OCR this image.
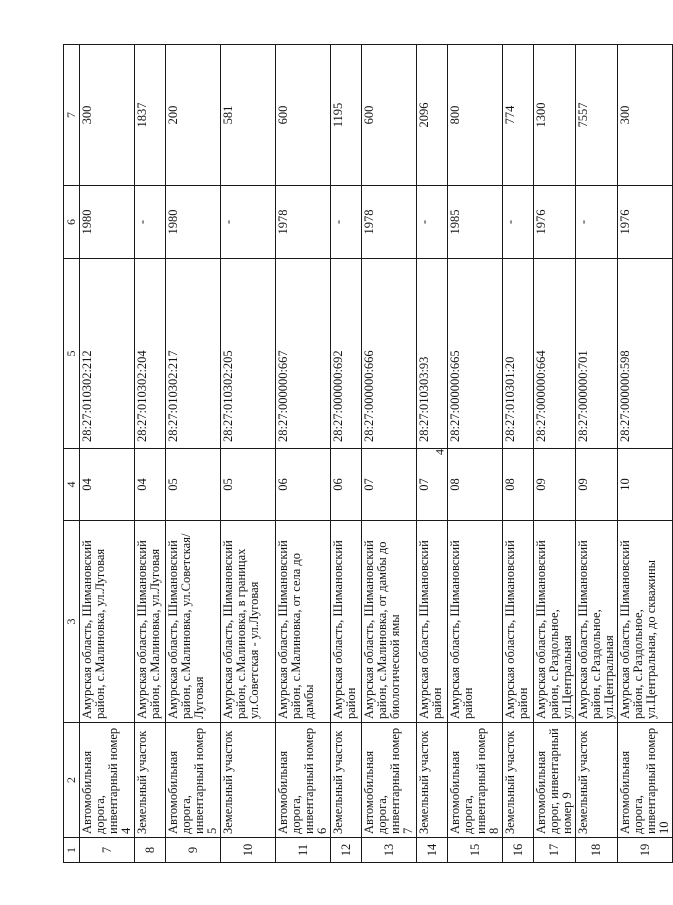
4
1	2	3	4	5	6	7
7	Автомобильная дорога, инвентарный номер 4	Амурская область, Шимановский район, с.Малиновка, ул.Луговая	04	28:27:010302:212	1980	300
8	Земельный участок	Амурская область, Шимановский район, с.Малиновка, ул.Луговая	04	28:27:010302:204	-	1837
9	Автомобильная дорога, инвентарный номер 5	Амурская область, Шимановский район, с.Малиновка, ул.Советская/Луговая	05	28:27:010302:217	1980	200
10	Земельный участок	Амурская область, Шимановский район, с.Малиновка, в границах ул.Советская - ул.Луговая	05	28:27:010302:205	-	581
11	Автомобильная дорога, инвентарный номер 6	Амурская область, Шимановский район, с.Малиновка, от села до дамбы	06	28:27:000000:667	1978	600
12	Земельный участок	Амурская область, Шимановский район	06	28:27:000000:692	-	1195
13	Автомобильная дорога, инвентарный номер 7	Амурская область, Шимановский район, с.Малиновка, от дамбы до биологической ямы	07	28:27:000000:666	1978	600
14	Земельный участок	Амурская область, Шимановский район	07	28:27:010303:93	-	2096
15	Автомобильная дорога, инвентарный номер 8	Амурская область, Шимановский район	08	28:27:000000:665	1985	800
16	Земельный участок	Амурская область, Шимановский район	08	28:27:010301:20	-	774
17	Автомобильная дорог, инвентарный номер 9	Амурская область, Шимановский район, с.Раздольное, ул.Центральная	09	28:27:000000:664	1976	1300
18	Земельный участок	Амурская область, Шимановский район, с.Раздольное, ул.Центральная	09	28:27:000000:701	-	7557
19	Автомобильная дорога, инвентарный номер 10	Амурская область, Шимановский район, с.Раздольное, ул.Центральная, до скважины	10	28:27:000000:598	1976	300
